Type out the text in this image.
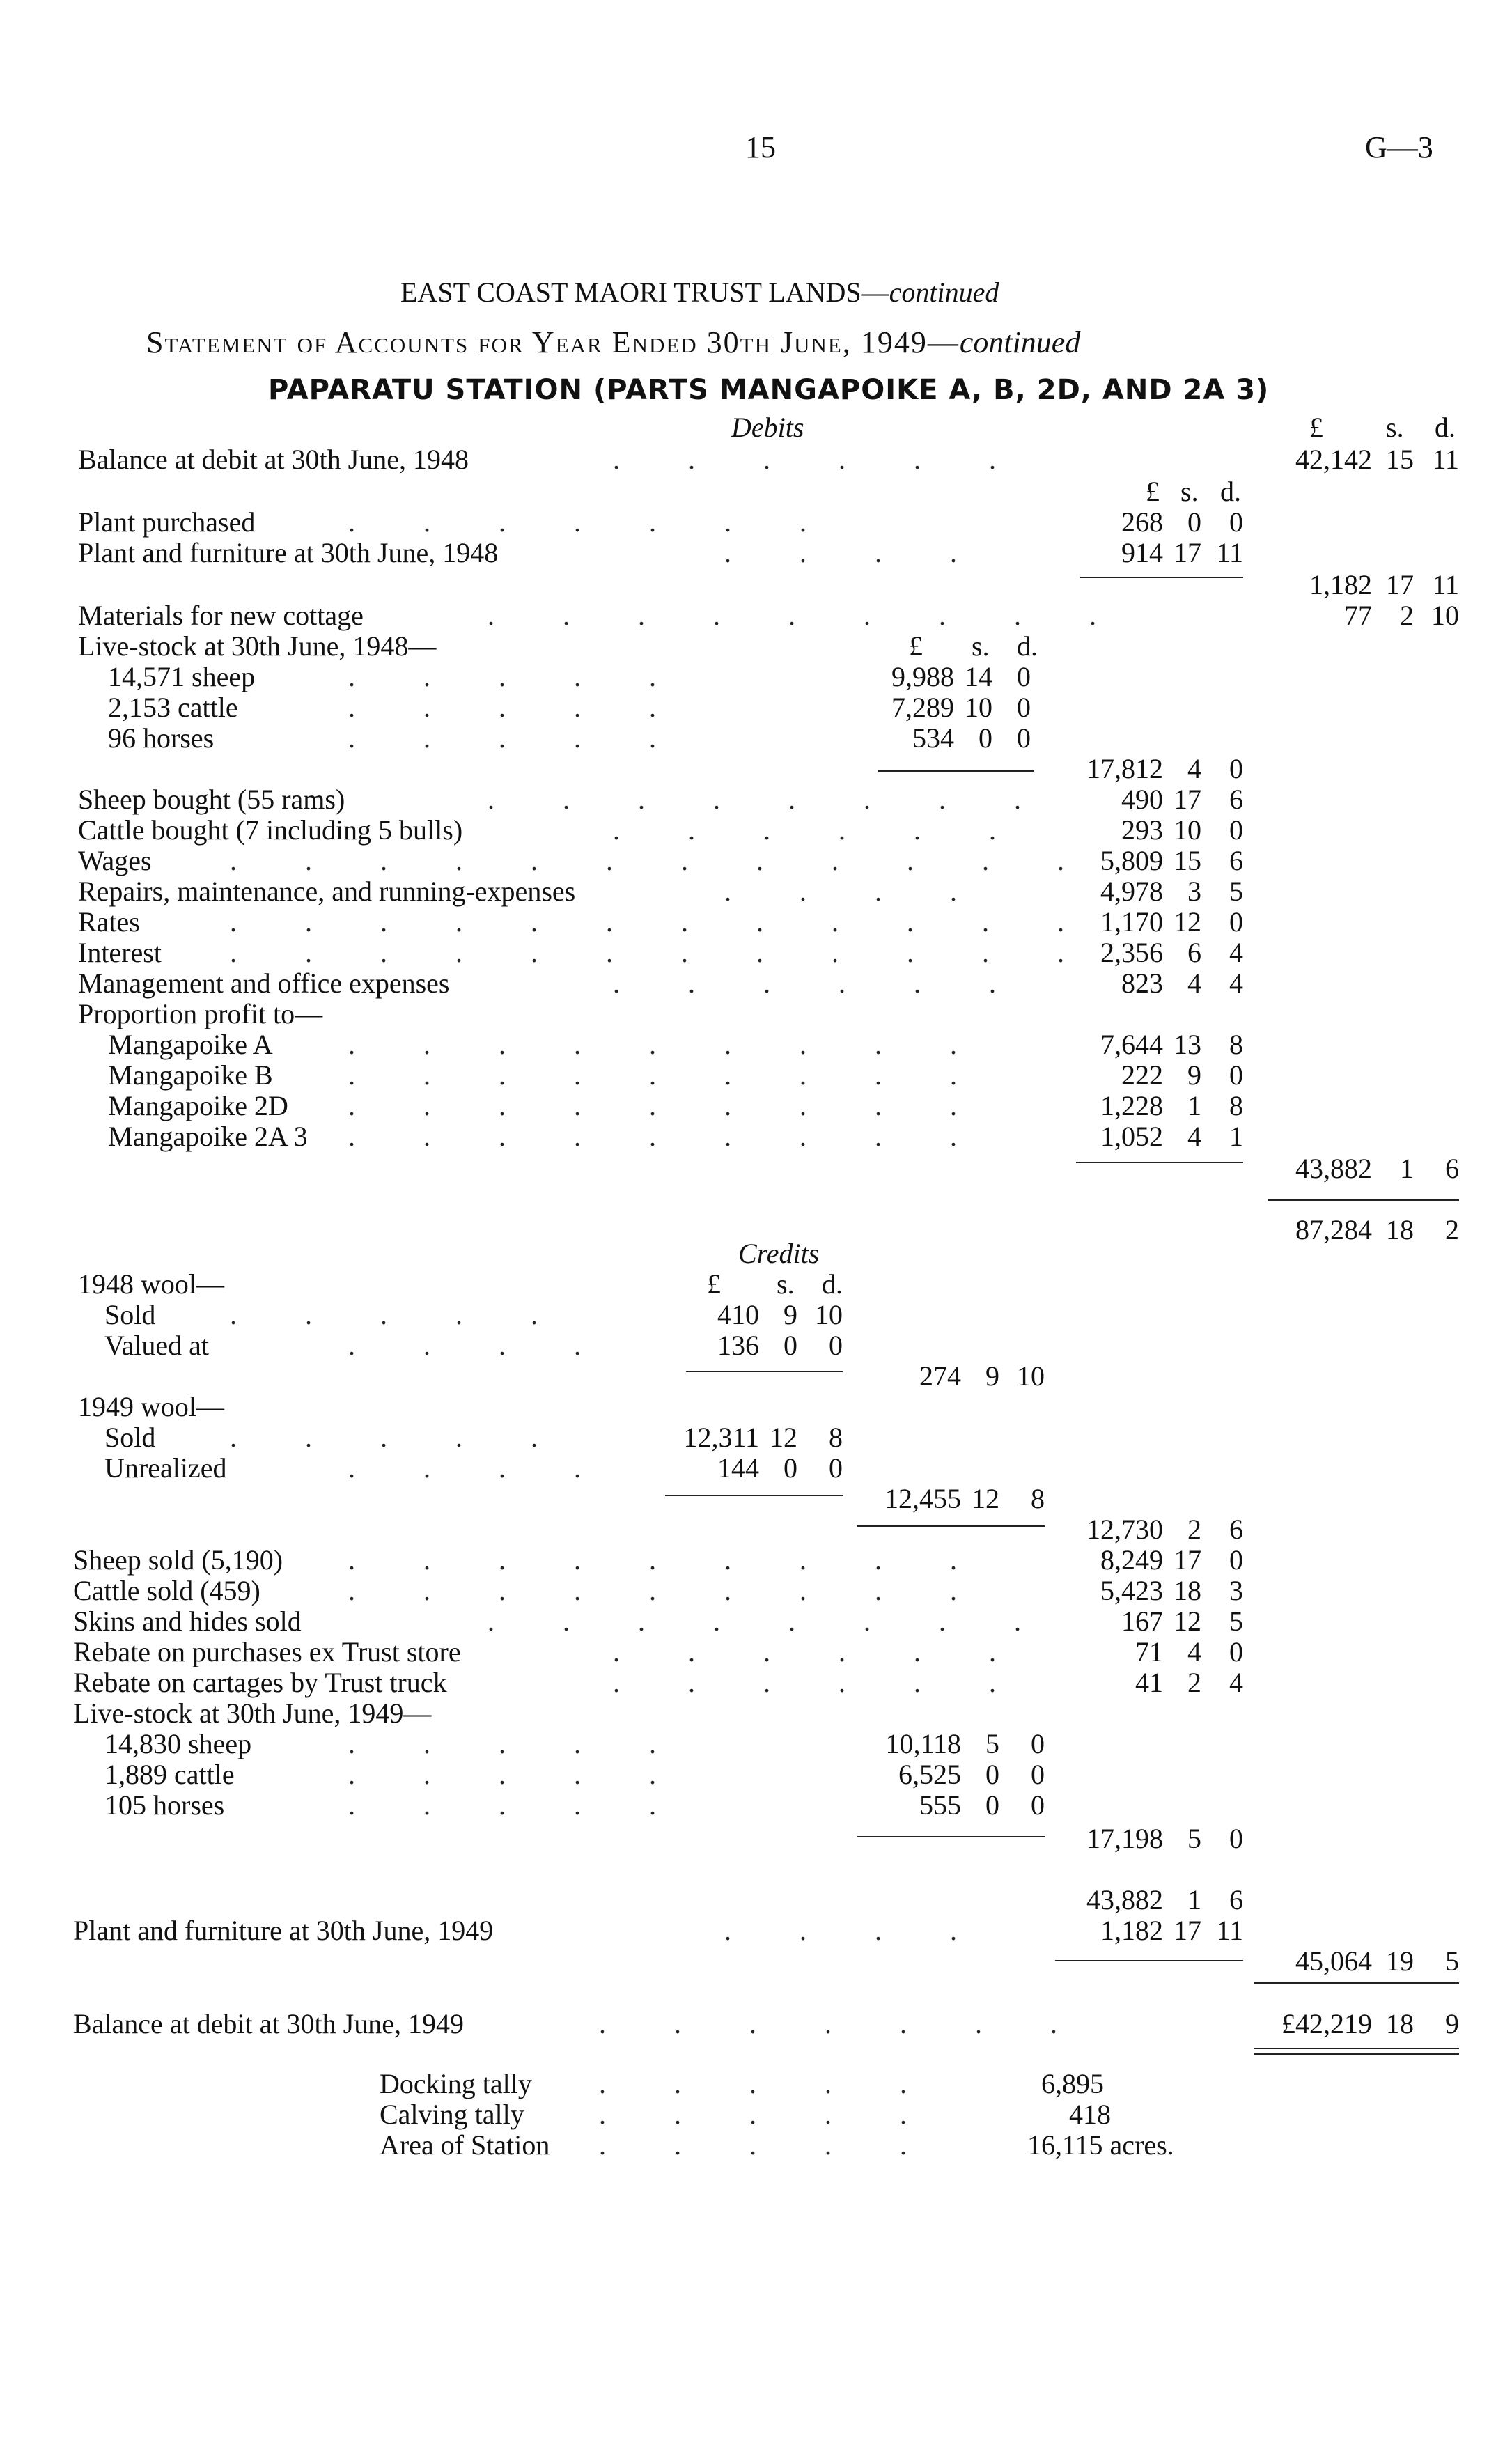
15	G—3
EAST COAST MAORI TRUST LANDS—continued
Statement of Accounts for Year Ended 30th June, 1949—continued
PAPARATU STATION (PARTS MANGAPOIKE A, B, 2D, AND 2A 3)
Debits	£ s. d.
Balance at debit at 30th June, 1948	. . . . . .	42,142 15 11
£ s. d.
Plant purchased	. . . . . . .	268 0	0
Plant and furniture at 30th June, 1948	. . . .	914 17 11
1,182 17 11
Materials for new cottage	. . . . . . . . .	77	2 10
Live-stock at 30th June, 1948—	£ s. d.
14,571 sheep	. . . . .	9,988 14 0
2,153 cattle	. . . . .	7,289 10 0
96 horses	. . . . .	534 0 0
17,812 4	0
Sheep bought (55 rams)	. . . . . . . .	490 17	6
Cattle bought (7 including 5 bulls)	. . . . . .	293 10	0
Wages	. . . . . . . . . . . . 5,809 15	6
Repairs, maintenance, and running-expenses	. . . .	4,978 3	5
Rates	. . . . . . . . . . . . 1,170 12	0
Interest . . . . . . . . . . . . 2,356 6	4
Management and office expenses	. . . . . .	823 4	4
Proportion profit to—
Mangapoike A	. . . . . . . . .	7,644 13	8
Mangapoike B	. . . . . . . . .	222 9	0
Mangapoike 2D . . . . . . . . .	1,228 1	8
Mangapoike 2A 3 . . . . . . . . .	1,052 4	1
43,882	1	6
87,284 18	2
Credits
£ s. d.
1948 wool—
Sold	. . . . .	410 9 10
Valued at	. . . .	136 0	0
274 9 10
1949 wool—
Sold	. . . . .	12,311 12	8
Unrealized	. . . .	144 0	0
12,455 12	8
12,730 2	6
Sheep sold (5,190) . . . . . . . . .	8,249 17	0
Cattle sold (459)	. . . . . . . . .	5,423 18	3
Skins and hides sold	. . . . . . . .	167 12	5
Rebate on purchases ex Trust store	. . . . . .	71 4	0
Rebate on cartages by Trust truck	. . . . . .	41 2	4
Live-stock at 30th June, 1949—
14,830 sheep	. . . . .	10,118 5	0
1,889 cattle	. . . . .	6,525 0	0
105 horses	. . . . .	555 0	0
17,198 5	0
43,882 1	6
Plant and furniture at 30th June, 1949	. . . .	1,182 17 11
45,064 19	5
Balance at debit at 30th June, 1949	. . . . . . .	£42,219 18	9
Docking tally . . . . .	6,895
Calving tally	. . . . .	418
Area of Station . . . . .	16,115 acres.
